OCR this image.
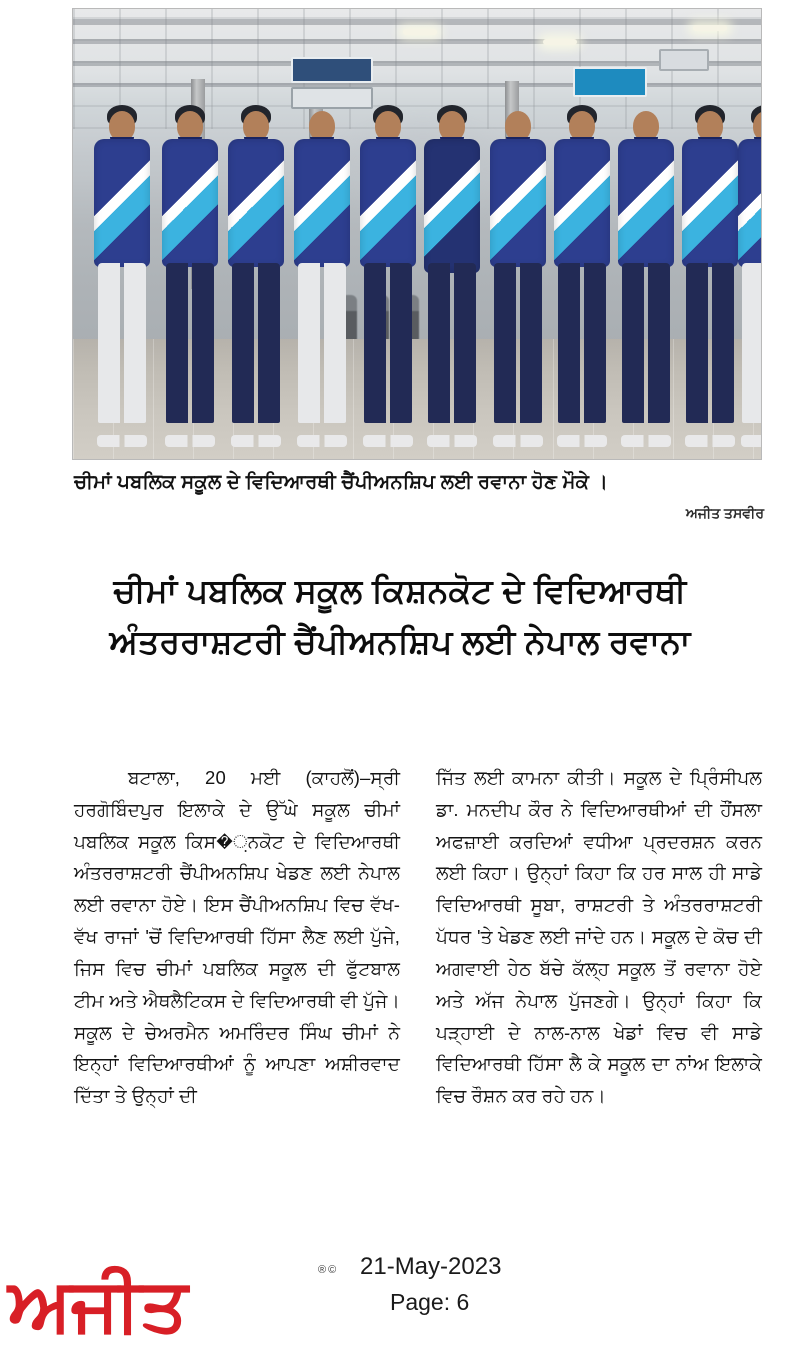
ਚੀਮਾਂ ਪਬਲਿਕ ਸਕੂਲ ਦੇ ਵਿਦਿਆਰਥੀ ਚੈਂਪੀਅਨਸ਼ਿਪ ਲਈ ਰਵਾਨਾ ਹੋਣ ਮੌਕੇ ।
ਅਜੀਤ ਤਸਵੀਰ
ਚੀਮਾਂ ਪਬਲਿਕ ਸਕੂਲ ਕਿਸ਼ਨਕੋਟ ਦੇ ਵਿਦਿਆਰਥੀ
ਅੰਤਰਰਾਸ਼ਟਰੀ ਚੈਂਪੀਅਨਸ਼ਿਪ ਲਈ ਨੇਪਾਲ ਰਵਾਨਾ

ਬਟਾਲਾ, 20 ਮਈ (ਕਾਹਲੋਂ)–ਸ੍ਰੀ ਹਰਗੋਬਿੰਦਪੁਰ ਇਲਾਕੇ ਦੇ ਉੱਘੇ ਸਕੂਲ ਚੀਮਾਂ ਪਬਲਿਕ ਸਕੂਲ ਕਿਸ�਼ਨਕੋਟ ਦੇ ਵਿਦਿਆਰਥੀ ਅੰਤਰਰਾਸ਼ਟਰੀ ਚੈਂਪੀਅਨਸ਼ਿਪ ਖੇਡਣ ਲਈ ਨੇਪਾਲ ਲਈ ਰਵਾਨਾ ਹੋਏ। ਇਸ ਚੈਂਪੀਅਨਸ਼ਿਪ ਵਿਚ ਵੱਖ-ਵੱਖ ਰਾਜਾਂ 'ਚੋਂ ਵਿਦਿਆਰਥੀ ਹਿੱਸਾ ਲੈਣ ਲਈ ਪੁੱਜੇ, ਜਿਸ ਵਿਚ ਚੀਮਾਂ ਪਬਲਿਕ ਸਕੂਲ ਦੀ ਫੁੱਟਬਾਲ ਟੀਮ ਅਤੇ ਐਥਲੈਟਿਕਸ ਦੇ ਵਿਦਿਆਰਥੀ ਵੀ ਪੁੱਜੇ। ਸਕੂਲ ਦੇ ਚੇਅਰਮੈਨ ਅਮਰਿੰਦਰ ਸਿੰਘ ਚੀਮਾਂ ਨੇ ਇਨ੍ਹਾਂ ਵਿਦਿਆਰਥੀਆਂ ਨੂੰ ਆਪਣਾ ਅਸ਼ੀਰਵਾਦ ਦਿੱਤਾ ਤੇ ਉਨ੍ਹਾਂ ਦੀ

ਜਿੱਤ ਲਈ ਕਾਮਨਾ ਕੀਤੀ। ਸਕੂਲ ਦੇ ਪ੍ਰਿੰਸੀਪਲ ਡਾ. ਮਨਦੀਪ ਕੌਰ ਨੇ ਵਿਦਿਆਰਥੀਆਂ ਦੀ ਹੌਂਸਲਾ ਅਫਜ਼ਾਈ ਕਰਦਿਆਂ ਵਧੀਆ ਪ੍ਰਦਰਸ਼ਨ ਕਰਨ ਲਈ ਕਿਹਾ। ਉਨ੍ਹਾਂ ਕਿਹਾ ਕਿ ਹਰ ਸਾਲ ਹੀ ਸਾਡੇ ਵਿਦਿਆਰਥੀ ਸੂਬਾ, ਰਾਸ਼ਟਰੀ ਤੇ ਅੰਤਰਰਾਸ਼ਟਰੀ ਪੱਧਰ 'ਤੇ ਖੇਡਣ ਲਈ ਜਾਂਦੇ ਹਨ। ਸਕੂਲ ਦੇ ਕੋਚ ਦੀ ਅਗਵਾਈ ਹੇਠ ਬੱਚੇ ਕੱਲ੍ਹ ਸਕੂਲ ਤੋਂ ਰਵਾਨਾ ਹੋਏ ਅਤੇ ਅੱਜ ਨੇਪਾਲ ਪੁੱਜਣਗੇ। ਉਨ੍ਹਾਂ ਕਿਹਾ ਕਿ ਪੜ੍ਹਾਈ ਦੇ ਨਾਲ-ਨਾਲ ਖੇਡਾਂ ਵਿਚ ਵੀ ਸਾਡੇ ਵਿਦਿਆਰਥੀ ਹਿੱਸਾ ਲੈ ਕੇ ਸਕੂਲ ਦਾ ਨਾਂਅ ਇਲਾਕੇ ਵਿਚ ਰੌਸ਼ਨ ਕਰ ਰਹੇ ਹਨ।

21-May-2023
Page: 6
ਅਜੀਤ	®©
